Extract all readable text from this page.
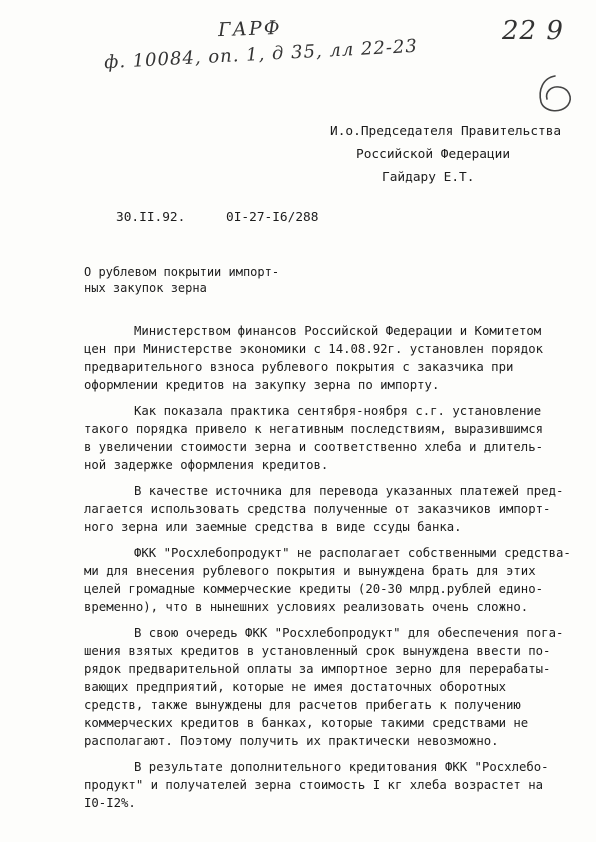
ГАРФ
ф. 10084, оп. 1, д 35, лл 22-23
22 9
И.о.Председателя Правительства
Российской Федерации
Гайдару Е.Т.
30.II.92.	0I-27-I6/288
О рублевом покрытии импорт-
ных закупок зерна

Министерством финансов Российской Федерации и Комитетом
цен при Министерстве экономики с 14.08.92г. установлен порядок
предварительного взноса рублевого покрытия с заказчика при
оформлении кредитов на закупку зерна по импорту.

Как показала практика сентября-ноября с.г. установление
такого порядка привело к негативным последствиям, выразившимся
в увеличении стоимости зерна и соответственно хлеба и длитель-
ной задержке оформления кредитов.

В качестве источника для перевода указанных платежей пред-
лагается использовать средства полученные от заказчиков импорт-
ного зерна или заемные средства в виде ссуды банка.

ФКК "Росхлебопродукт" не располагает собственными средства-
ми для внесения рублевого покрытия и вынуждена брать для этих
целей громадные коммерческие кредиты (20-30 млрд.рублей едино-
временно), что в нынешних условиях реализовать очень сложно.

В свою очередь ФКК "Росхлебопродукт" для обеспечения пога-
шения взятых кредитов в установленный срок вынуждена ввести по-
рядок предварительной оплаты за импортное зерно для перерабаты-
вающих предприятий, которые не имея достаточных оборотных
средств, также вынуждены для расчетов прибегать к получению
коммерческих кредитов в банках, которые такими средствами не
располагают. Поэтому получить их практически невозможно.

В результате дополнительного кредитования ФКК "Росхлебо-
продукт" и получателей зерна стоимость I кг хлеба возрастет на
I0-I2%.
